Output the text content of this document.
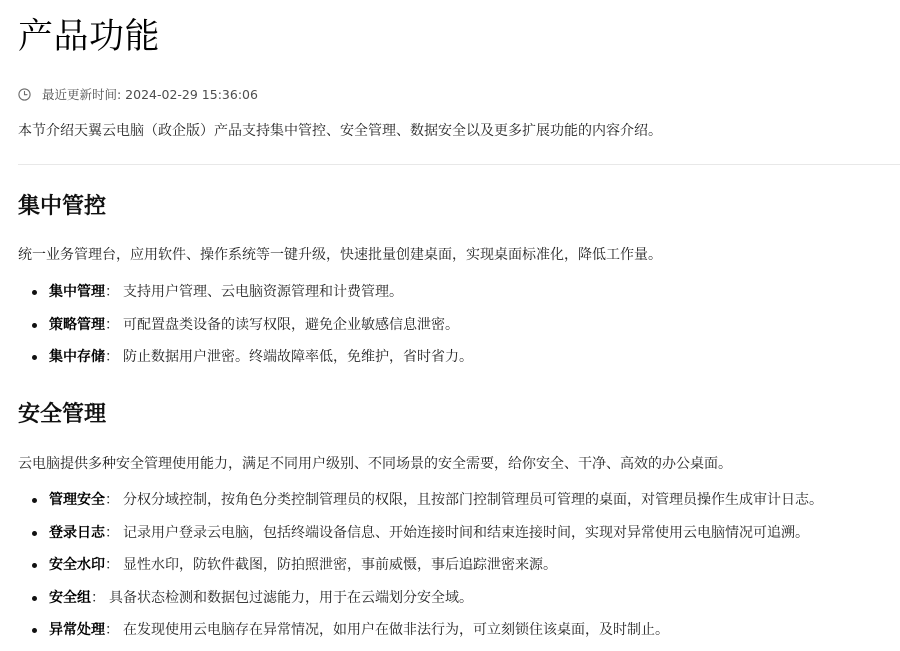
产品功能
最近更新时间: 2024-02-29 15:36:06
本节介绍天翼云电脑（政企版）产品支持集中管控、安全管理、数据安全以及更多扩展功能的内容介绍。
集中管控
统一业务管理台，应用软件、操作系统等一键升级，快速批量创建桌面，实现桌面标准化，降低工作量。
集中管理： 支持用户管理、云电脑资源管理和计费管理。
策略管理： 可配置盘类设备的读写权限，避免企业敏感信息泄密。
集中存储： 防止数据用户泄密。终端故障率低，免维护，省时省力。
安全管理
云电脑提供多种安全管理使用能力，满足不同用户级别、不同场景的安全需要，给你安全、干净、高效的办公桌面。
管理安全： 分权分域控制，按角色分类控制管理员的权限，且按部门控制管理员可管理的桌面，对管理员操作生成审计日志。
登录日志： 记录用户登录云电脑，包括终端设备信息、开始连接时间和结束连接时间，实现对异常使用云电脑情况可追溯。
安全水印： 显性水印，防软件截图，防拍照泄密，事前威慑，事后追踪泄密来源。
安全组： 具备状态检测和数据包过滤能力，用于在云端划分安全域。
异常处理： 在发现使用云电脑存在异常情况，如用户在做非法行为，可立刻锁住该桌面，及时制止。
